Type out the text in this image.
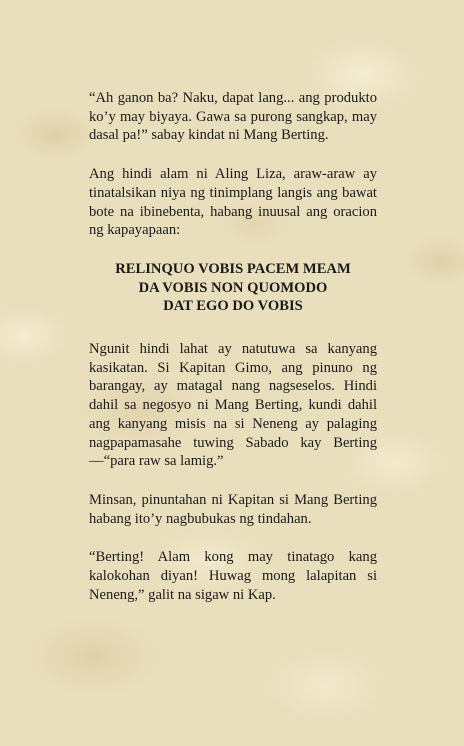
“Ah ganon ba? Naku, dapat lang... ang produkto ko’y may biyaya. Gawa sa purong sangkap, may dasal pa!” sabay kindat ni Mang Berting.

Ang hindi alam ni Aling Liza, araw-araw ay tinatalsikan niya ng tinimplang langis ang bawat bote na ibinebenta, habang inuusal ang oracion ng kapayapaan:

RELINQUO VOBIS PACEM MEAM
DA VOBIS NON QUOMODO
DAT EGO DO VOBIS

Ngunit hindi lahat ay natutuwa sa kanyang kasikatan. Si Kapitan Gimo, ang pinuno ng barangay, ay matagal nang nagseselos. Hindi dahil sa negosyo ni Mang Berting, kundi dahil ang kanyang misis na si Neneng ay palaging nagpapamasahe tuwing Sabado kay Berting—“para raw sa lamig.”

Minsan, pinuntahan ni Kapitan si Mang Berting habang ito’y nagbubukas ng tindahan.

“Berting! Alam kong may tinatago kang kalokohan diyan! Huwag mong lalapitan si Neneng,” galit na sigaw ni Kap.
